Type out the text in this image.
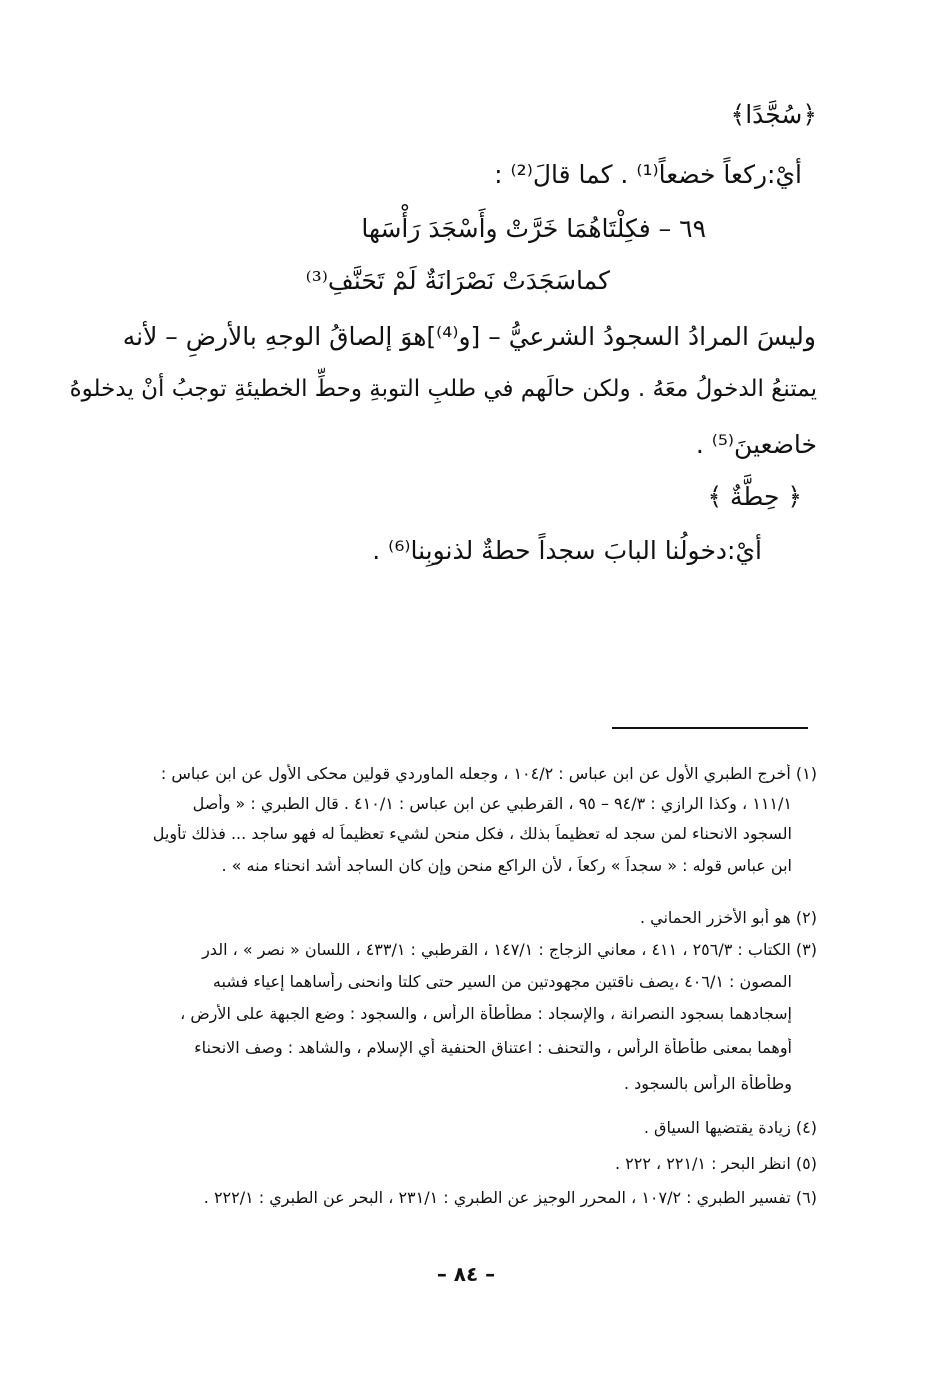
﴿سُجَّدًا﴾
أيْ:ركعاً خضعاً⁽¹⁾ . كما قالَ⁽²⁾ :
٦٩ – فكِلْتَاهُمَا خَرَّتْ وأَسْجَدَ رَأْسَها
كماسَجَدَتْ نَصْرَانَةٌ لَمْ تَحَنَّفِ⁽³⁾
وليسَ المرادُ السجودُ الشرعيُّ – [و⁽⁴⁾]هوَ إلصاقُ الوجهِ بالأرضِ – لأنه
يمتنعُ الدخولُ معَهُ . ولكن حالَهم في طلبِ التوبةِ وحطِّ الخطيئةِ توجبُ أنْ يدخلوهُ
خاضعينَ⁽⁵⁾ .
﴿ حِطَّةٌ ﴾
أيْ:دخولُنا البابَ سجداً حطةٌ لذنوبِنا⁽⁶⁾ .
(١) أخرج الطبري الأول عن ابن عباس : ١٠٤/٢ ، وجعله الماوردي قولين محكى الأول عن ابن عباس :
١١١/١ ، وكذا الرازي : ٩٤/٣ – ٩٥ ، القرطبي عن ابن عباس : ٤١٠/١ . قال الطبري : « وأصل
السجود الانحناء لمن سجد له تعظيماً بذلك ، فكل منحن لشيء تعظيماً له فهو ساجد ... فذلك تأويل
ابن عباس قوله : « سجداً » ركعاً ، لأن الراكع منحن وإن كان الساجد أشد انحناء منه » .
(٢) هو أبو الأخزر الحماني .
(٣) الكتاب : ٢٥٦/٣ ، ٤١١ ، معاني الزجاج : ١٤٧/١ ، القرطبي : ٤٣٣/١ ، اللسان « نصر » ، الدر
المصون : ٤٠٦/١ ،يصف ناقتين مجهودتين من السير حتى كلتا وانحنى رأساهما إعياء فشبه
إسجادهما بسجود النصرانة ، والإسجاد : مطأطأة الرأس ، والسجود : وضع الجبهة على الأرض ،
أوهما بمعنى طأطأة الرأس ، والتحنف : اعتناق الحنفية أي الإسلام ، والشاهد : وصف الانحناء
وطأطأة الرأس بالسجود .
(٤) زيادة يقتضيها السياق .
(٥) انظر البحر : ٢٢١/١ ، ٢٢٢ .
(٦) تفسير الطبري : ١٠٧/٢ ، المحرر الوجيز عن الطبري : ٢٣١/١ ، البحر عن الطبري : ٢٢٢/١ .
– ٨٤ –
